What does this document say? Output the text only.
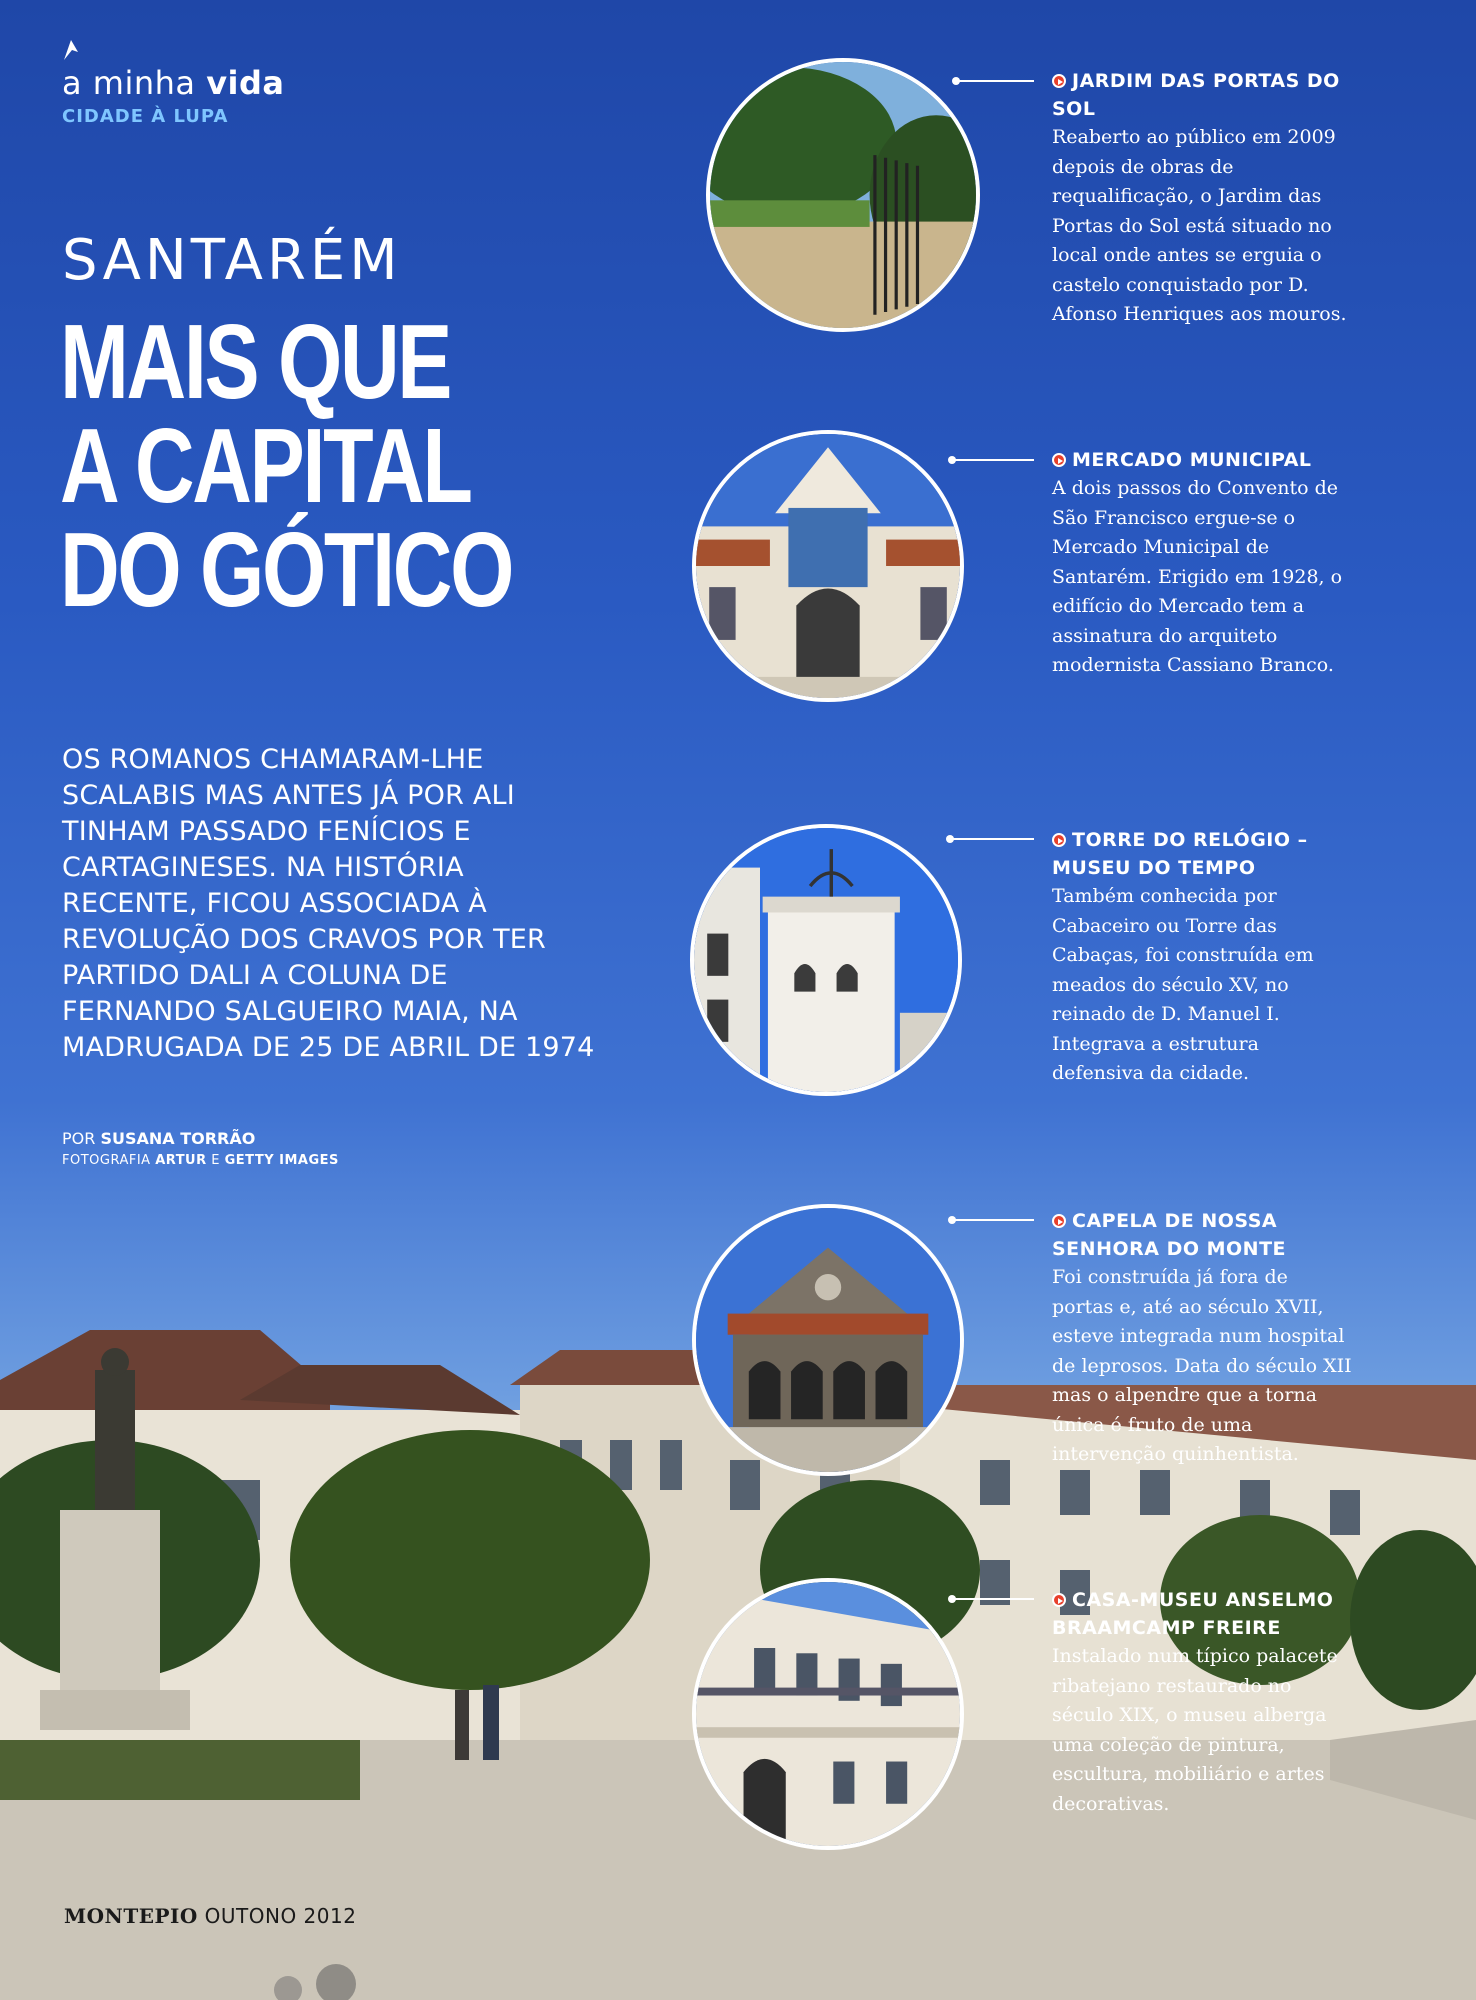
a minha vida
CIDADE À LUPA
SANTARÉM
MAIS QUE
A CAPITAL
DO GÓTICO
OS ROMANOS CHAMARAM-LHE SCALABIS MAS ANTES JÁ POR ALI TINHAM PASSADO FENÍCIOS E CARTAGINESES. NA HISTÓRIA RECENTE, FICOU ASSOCIADA À REVOLUÇÃO DOS CRAVOS POR TER PARTIDO DALI A COLUNA DE FERNANDO SALGUEIRO MAIA, NA MADRUGADA DE 25 DE ABRIL DE 1974
POR SUSANA TORRÃO
FOTOGRAFIA ARTUR E GETTY IMAGES
JARDIM DAS PORTAS DO SOL
Reaberto ao público em 2009 depois de obras de requalificação, o Jardim das Portas do Sol está situado no local onde antes se erguia o castelo conquistado por D. Afonso Henriques aos mouros.
MERCADO MUNICIPAL
A dois passos do Convento de São Francisco ergue-se o Mercado Municipal de Santarém. Erigido em 1928, o edifício do Mercado tem a assinatura do arquiteto modernista Cassiano Branco.
TORRE DO RELÓGIO – MUSEU DO TEMPO
Também conhecida por Cabaceiro ou Torre das Cabaças, foi construída em meados do século XV, no reinado de D. Manuel I. Integrava a estrutura defensiva da cidade.
CAPELA DE NOSSA SENHORA DO MONTE
Foi construída já fora de portas e, até ao século XVII, esteve integrada num hospital de leprosos. Data do século XII mas o alpendre que a torna única é fruto de uma intervenção quinhentista.
CASA-MUSEU ANSELMO BRAAMCAMP FREIRE
Instalado num típico palacete ribatejano restaurado no século XIX, o museu alberga uma coleção de pintura, escultura, mobiliário e artes decorativas.
MONTEPIO OUTONO 2012
